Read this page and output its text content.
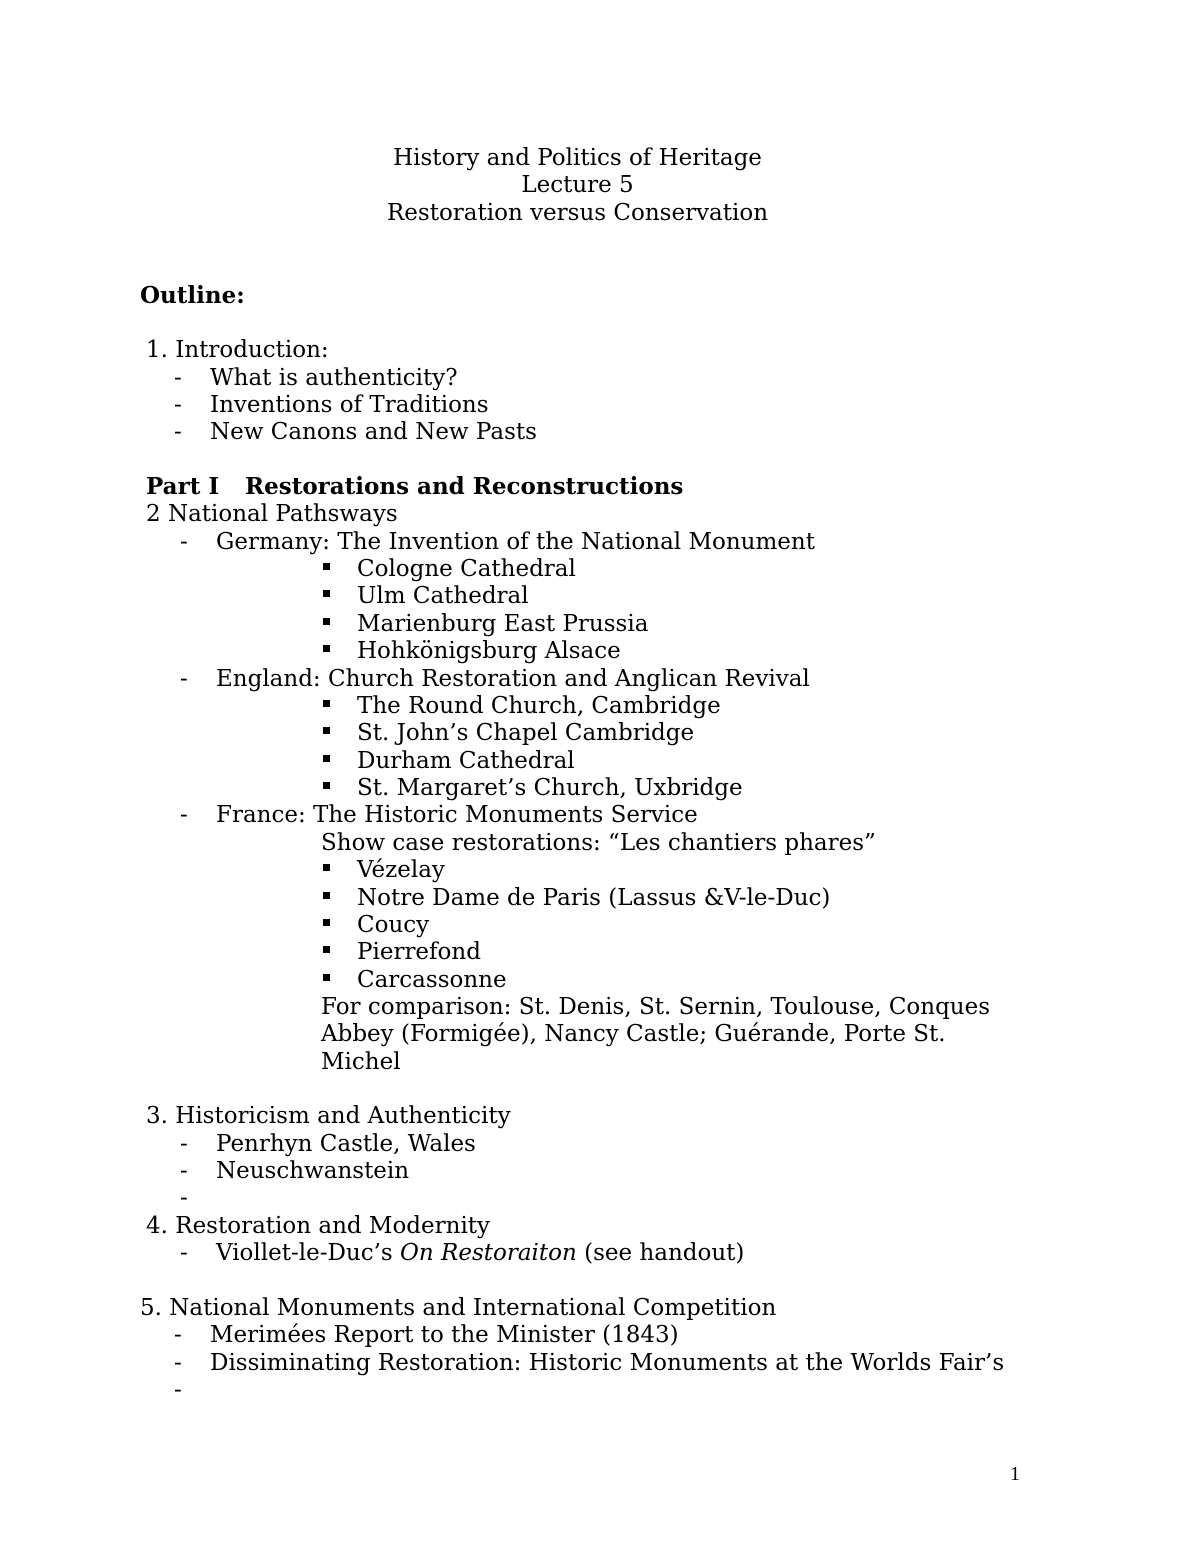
History and Politics of Heritage
Lecture 5
Restoration versus Conservation
Outline:
1. Introduction:
- What is authenticity?
- Inventions of Traditions
- New Canons and New Pasts
Part I Restorations and Reconstructions
2 National Pathsways
- Germany: The Invention of the National Monument
Cologne Cathedral
Ulm Cathedral
Marienburg East Prussia
Hohkönigsburg Alsace
- England: Church Restoration and Anglican Revival
The Round Church, Cambridge
St. John’s Chapel Cambridge
Durham Cathedral
St. Margaret’s Church, Uxbridge
- France: The Historic Monuments Service
Show case restorations: “Les chantiers phares”
Vézelay
Notre Dame de Paris (Lassus &V-le-Duc)
Coucy
Pierrefond
Carcassonne
For comparison: St. Denis, St. Sernin, Toulouse, Conques
Abbey (Formigée), Nancy Castle; Guérande, Porte St.
Michel
3. Historicism and Authenticity
- Penrhyn Castle, Wales
- Neuschwanstein
-
4. Restoration and Modernity
- Viollet-le-Duc’s On Restoraiton (see handout)
5. National Monuments and International Competition
- Merimées Report to the Minister (1843)
- Dissiminating Restoration: Historic Monuments at the Worlds Fair’s
-
1
